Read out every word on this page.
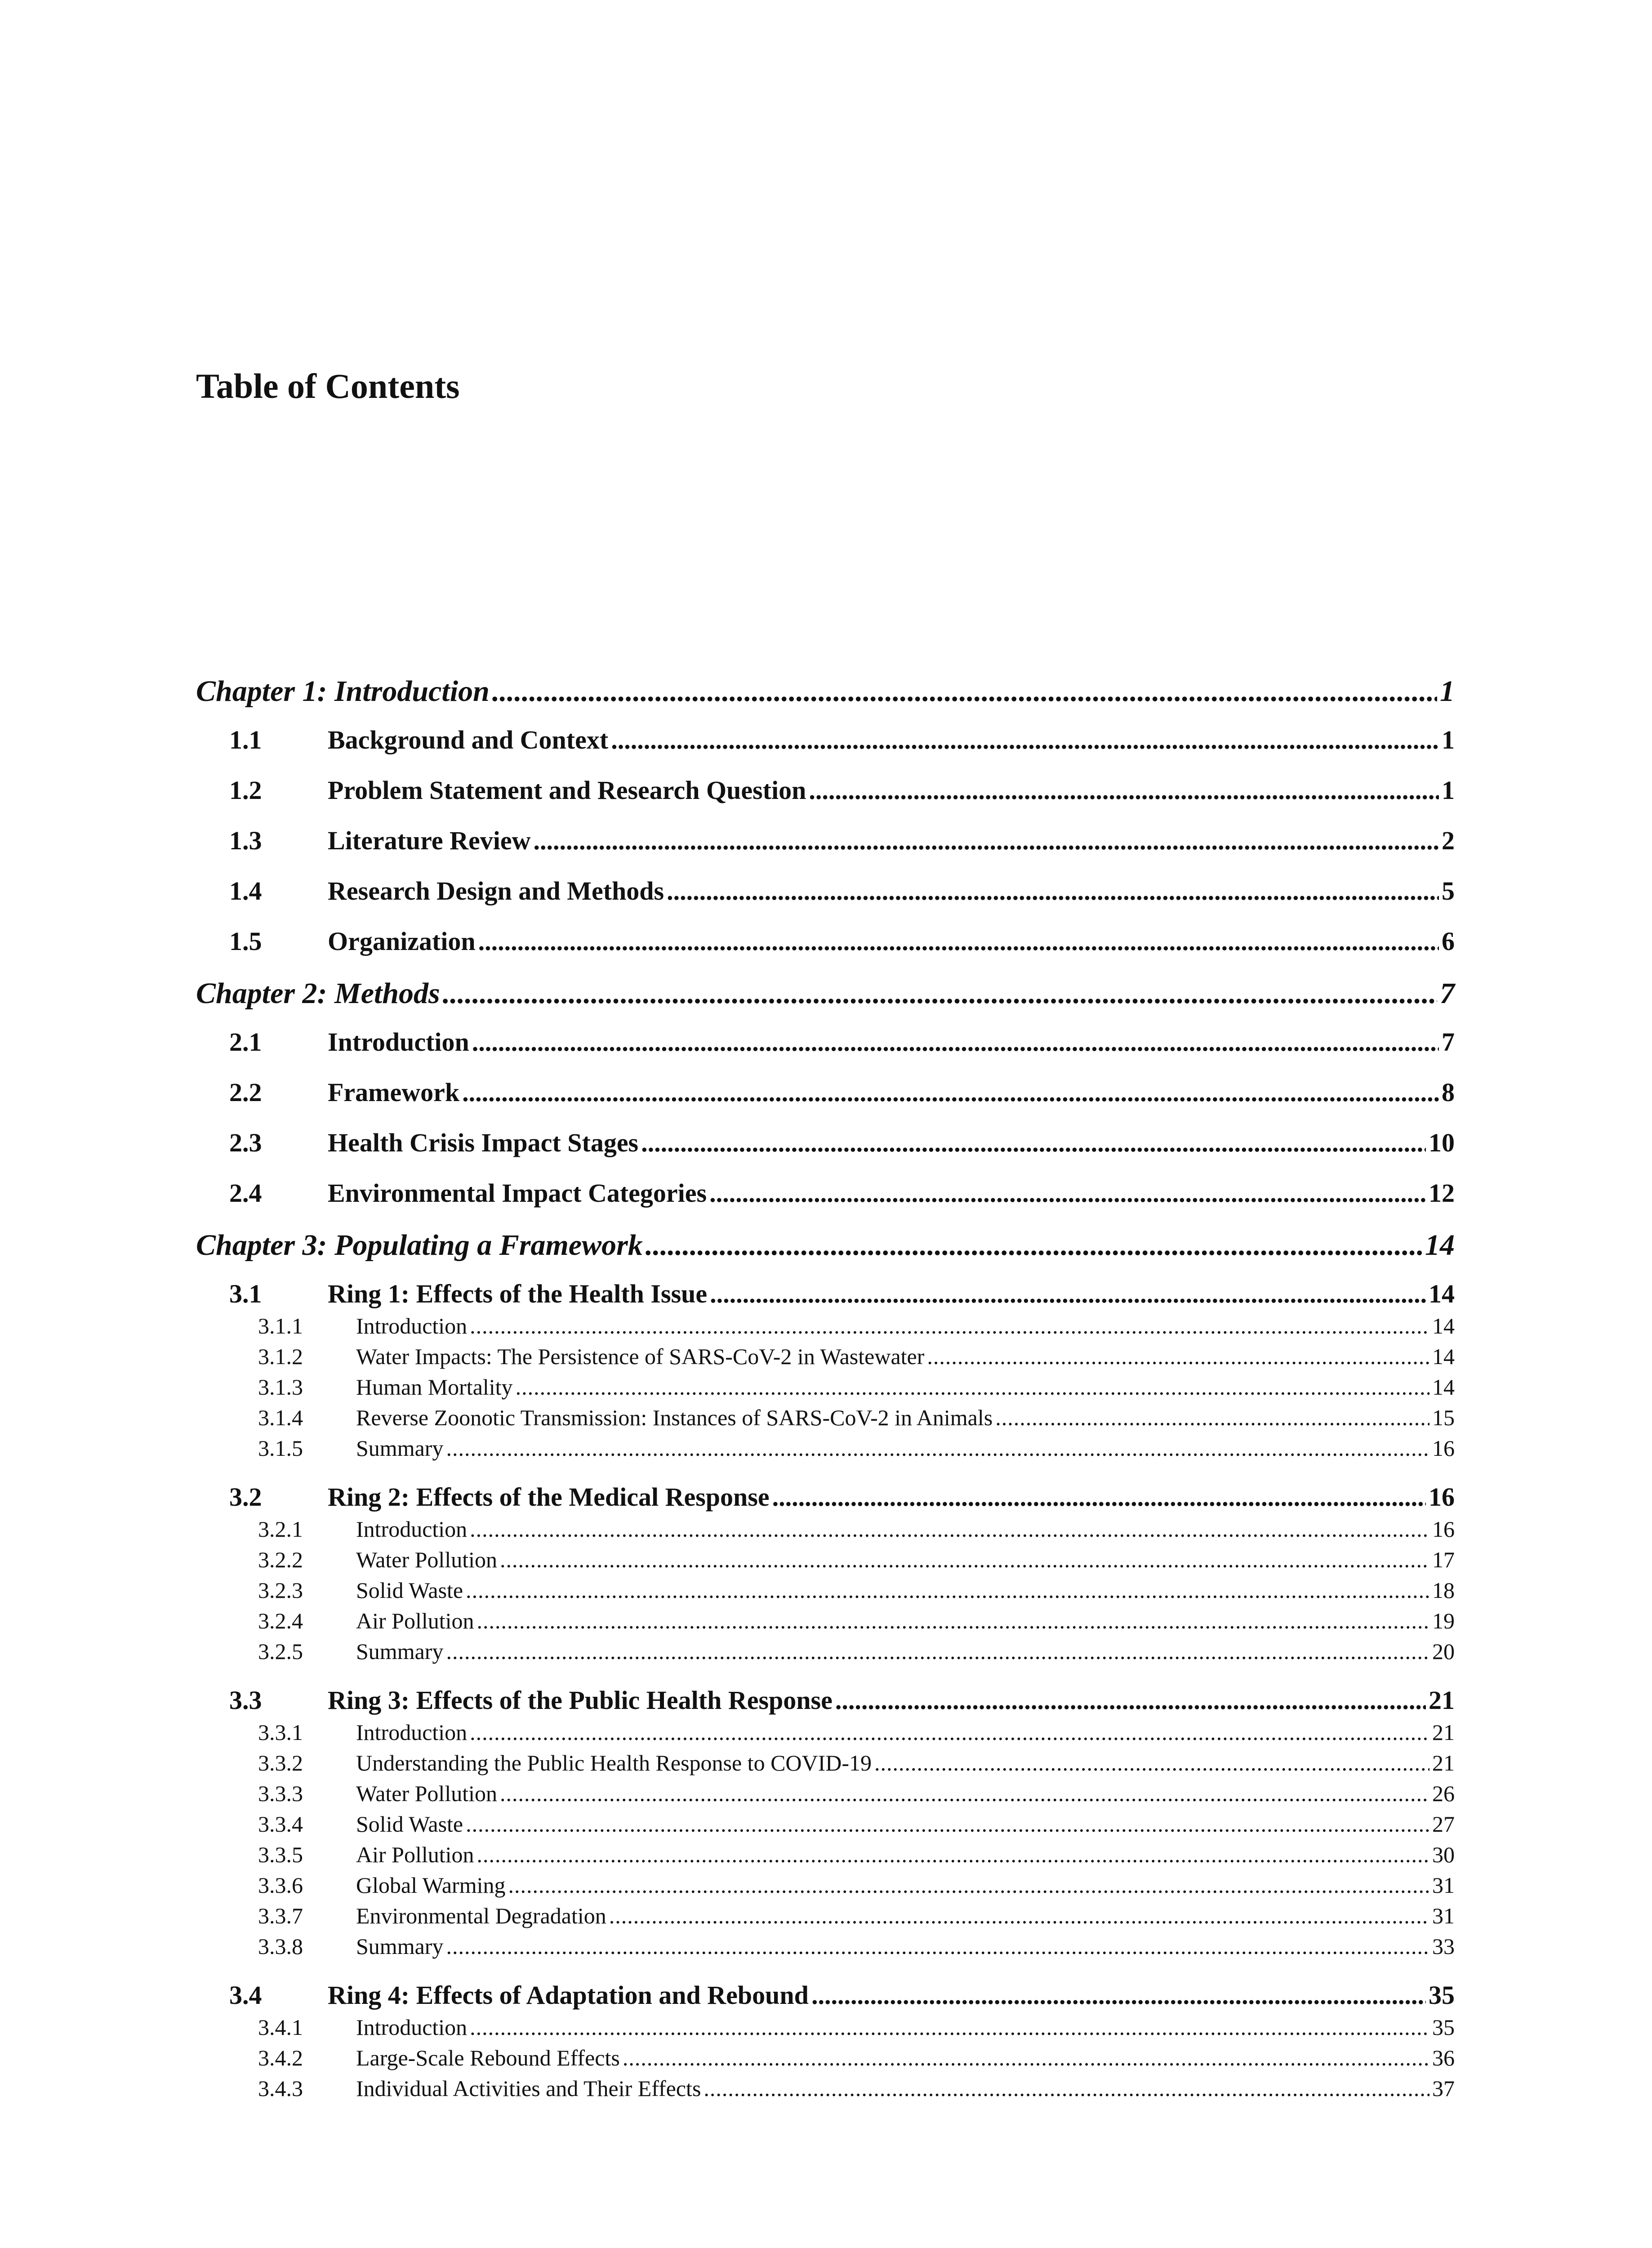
Table of Contents
Chapter 1: Introduction .....	1
1.1	Background and Context .....	1
1.2	Problem Statement and Research Question .....	1
1.3	Literature Review .....	2
1.4	Research Design and Methods .....	5
1.5	Organization .....	6
Chapter 2: Methods .....	7
2.1	Introduction .....	7
2.2	Framework .....	8
2.3	Health Crisis Impact Stages .....	10
2.4	Environmental Impact Categories .....	12
Chapter 3: Populating a Framework .....	14
3.1	Ring 1: Effects of the Health Issue .....	14
3.1.1	Introduction .....	14
3.1.2	Water Impacts: The Persistence of SARS-CoV-2 in Wastewater .....	14
3.1.3	Human Mortality .....	14
3.1.4	Reverse Zoonotic Transmission: Instances of SARS-CoV-2 in Animals .....	15
3.1.5	Summary .....	16
3.2	Ring 2: Effects of the Medical Response .....	16
3.2.1	Introduction .....	16
3.2.2	Water Pollution .....	17
3.2.3	Solid Waste .....	18
3.2.4	Air Pollution .....	19
3.2.5	Summary .....	20
3.3	Ring 3: Effects of the Public Health Response .....	21
3.3.1	Introduction .....	21
3.3.2	Understanding the Public Health Response to COVID-19 .....	21
3.3.3	Water Pollution .....	26
3.3.4	Solid Waste .....	27
3.3.5	Air Pollution .....	30
3.3.6	Global Warming .....	31
3.3.7	Environmental Degradation .....	31
3.3.8	Summary .....	33
3.4	Ring 4: Effects of Adaptation and Rebound .....	35
3.4.1	Introduction .....	35
3.4.2	Large-Scale Rebound Effects .....	36
3.4.3	Individual Activities and Their Effects .....	37
